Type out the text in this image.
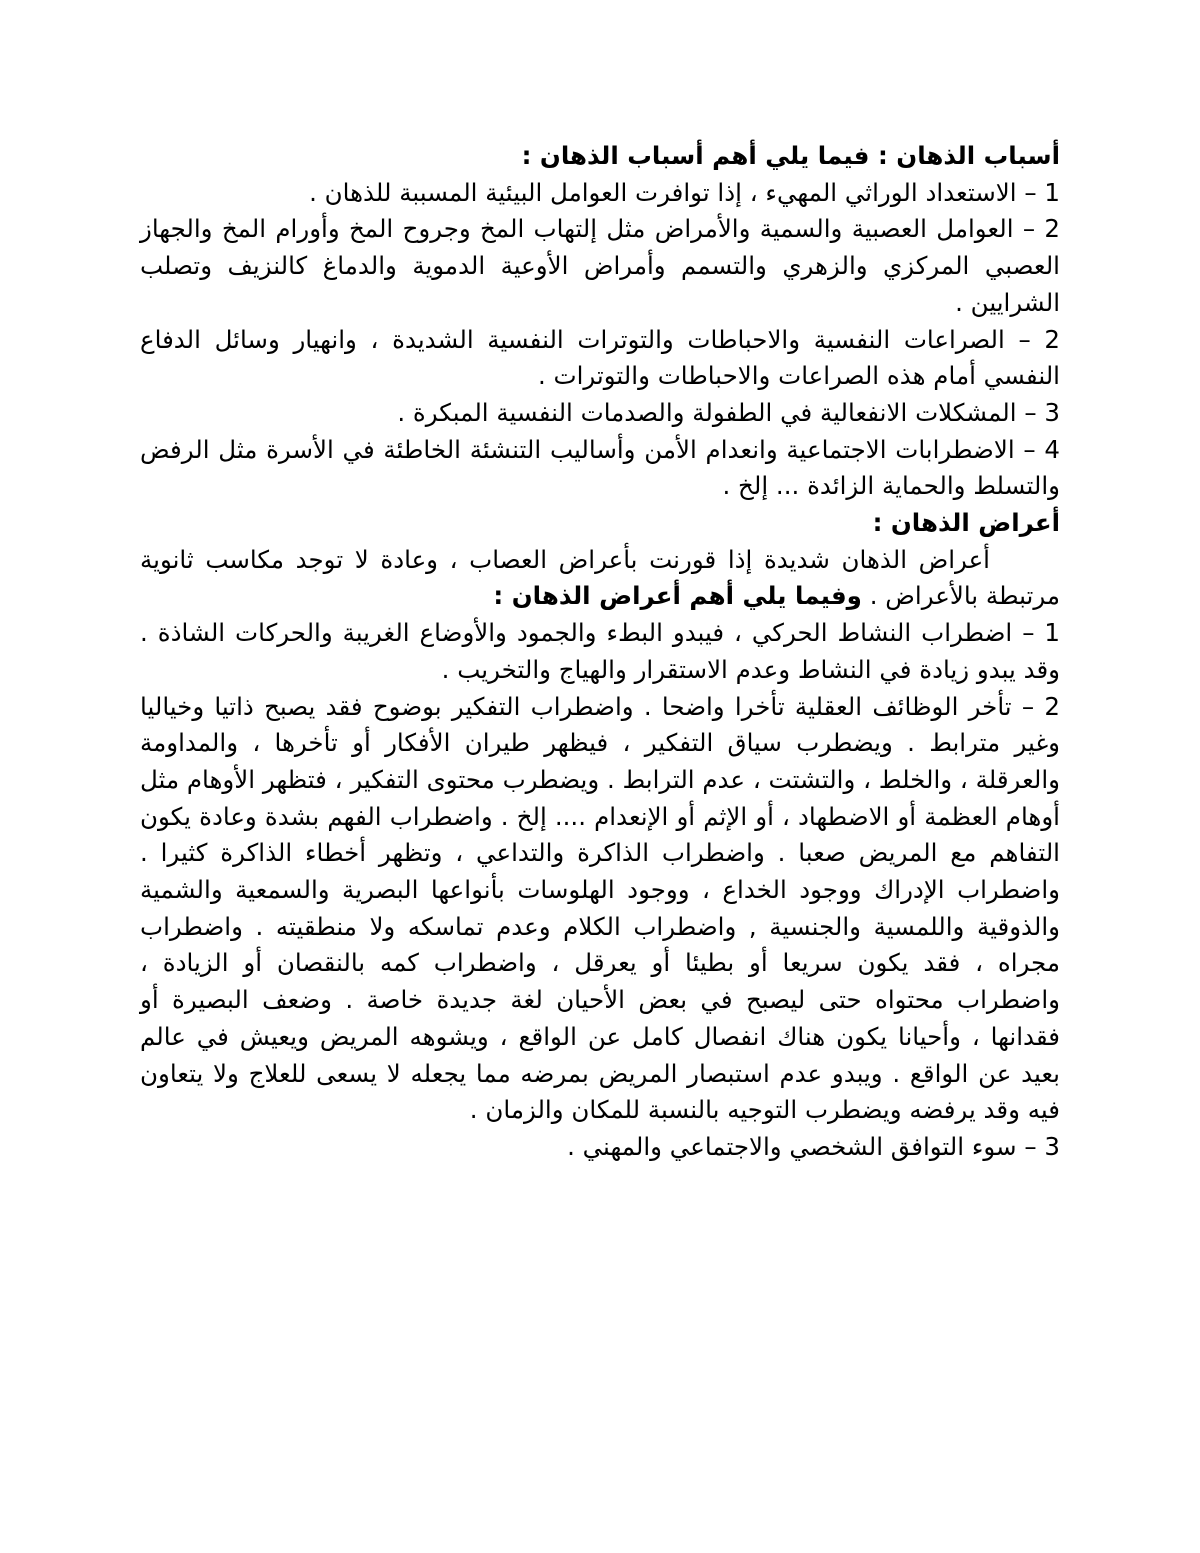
أسباب الذهان : فيما يلي أهم أسباب الذهان :

1 – الاستعداد الوراثي المهيء ، إذا توافرت العوامل البيئية المسببة للذهان .

2 – العوامل العصبية والسمية والأمراض مثل إلتهاب المخ وجروح المخ وأورام المخ والجهاز العصبي المركزي والزهري والتسمم وأمراض الأوعية الدموية والدماغ كالنزيف وتصلب الشرايين .

2 – الصراعات النفسية والاحباطات والتوترات النفسية الشديدة ، وانهيار وسائل الدفاع النفسي أمام هذه الصراعات والاحباطات والتوترات .

3 – المشكلات الانفعالية في الطفولة والصدمات النفسية المبكرة .

4 – الاضطرابات الاجتماعية وانعدام الأمن وأساليب التنشئة الخاطئة في الأسرة مثل الرفض والتسلط والحماية الزائدة ... إلخ .

أعراض الذهان :

أعراض الذهان شديدة إذا قورنت بأعراض العصاب ، وعادة لا توجد مكاسب ثانوية مرتبطة بالأعراض . وفيما يلي أهم أعراض الذهان :

1 – اضطراب النشاط الحركي ، فيبدو البطء والجمود والأوضاع الغريبة والحركات الشاذة . وقد يبدو زيادة في النشاط وعدم الاستقرار والهياج والتخريب .

2 – تأخر الوظائف العقلية تأخرا واضحا . واضطراب التفكير بوضوح فقد يصبح ذاتيا وخياليا وغير مترابط . ويضطرب سياق التفكير ، فيظهر طيران الأفكار أو تأخرها ، والمداومة والعرقلة ، والخلط ، والتشتت ، عدم الترابط . ويضطرب محتوى التفكير ، فتظهر الأوهام مثل أوهام العظمة أو الاضطهاد ، أو الإثم أو الإنعدام .... إلخ . واضطراب الفهم بشدة وعادة يكون التفاهم مع المريض صعبا . واضطراب الذاكرة والتداعي ، وتظهر أخطاء الذاكرة كثيرا . واضطراب الإدراك ووجود الخداع ، ووجود الهلوسات بأنواعها البصرية والسمعية والشمية والذوقية واللمسية والجنسية , واضطراب الكلام وعدم تماسكه ولا منطقيته . واضطراب مجراه ، فقد يكون سريعا أو بطيئا أو يعرقل ، واضطراب كمه بالنقصان أو الزيادة ، واضطراب محتواه حتى ليصبح في بعض الأحيان لغة جديدة خاصة . وضعف البصيرة أو فقدانها ، وأحيانا يكون هناك انفصال كامل عن الواقع ، ويشوهه المريض ويعيش في عالم بعيد عن الواقع . ويبدو عدم استبصار المريض بمرضه مما يجعله لا يسعى للعلاج ولا يتعاون فيه وقد يرفضه ويضطرب التوجيه بالنسبة للمكان والزمان .

3 – سوء التوافق الشخصي والاجتماعي والمهني .
